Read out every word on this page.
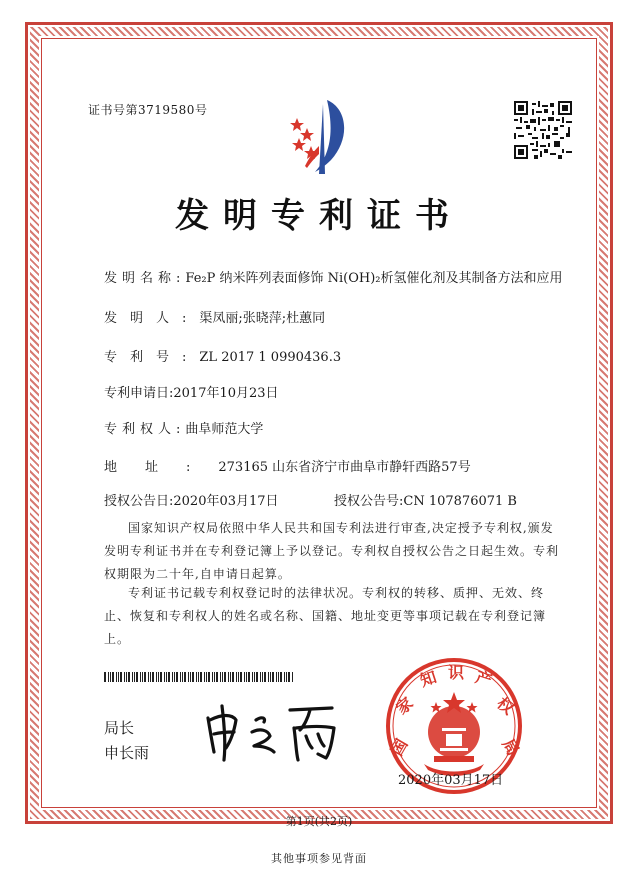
证书号第3719580号
发明专利证书
发明名称:Fe₂P 纳米阵列表面修饰 Ni(OH)₂析氢催化剂及其制备方法和应用
发明人:渠凤丽;张晓萍;杜蕙同
专利号:ZL 2017 1 0990436.3
专利申请日:2017年10月23日
专利权人:曲阜师范大学
地址:273165 山东省济宁市曲阜市静轩西路57号
授权公告日:2020年03月17日	授权公告号:CN 107876071 B
国家知识产权局依照中华人民共和国专利法进行审查,决定授予专利权,颁发发明专利证书并在专利登记簿上予以登记。专利权自授权公告之日起生效。专利权期限为二十年,自申请日起算。
专利证书记载专利权登记时的法律状况。专利权的转移、质押、无效、终止、恢复和专利权人的姓名或名称、国籍、地址变更等事项记载在专利登记簿上。
局长
申长雨	国
家
知 识 产
权
局
2020年03月17日
第1页(共2页)
其他事项参见背面
